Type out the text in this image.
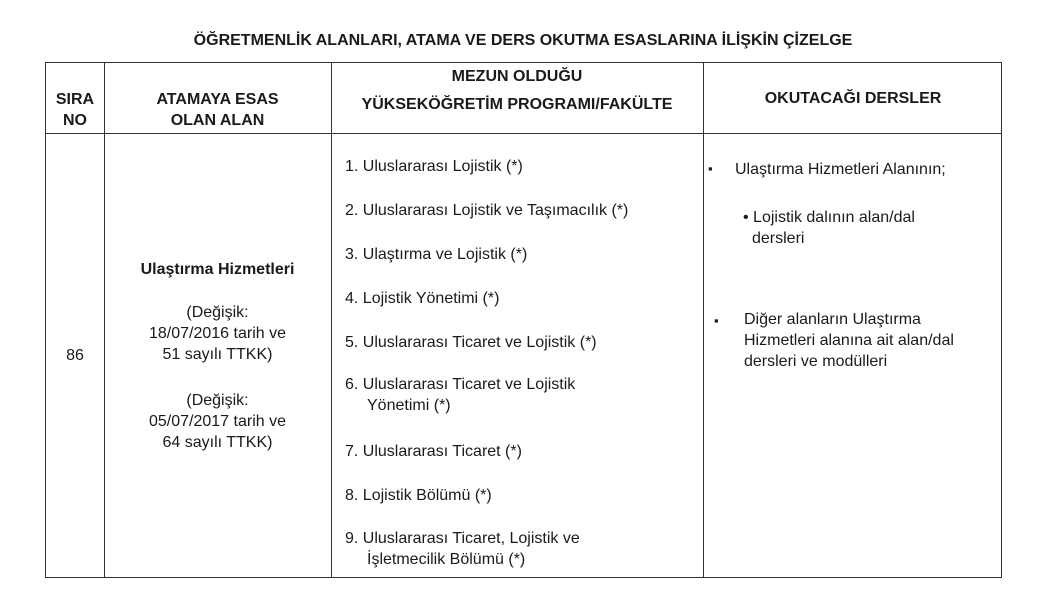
ÖĞRETMENLİK ALANLARI, ATAMA VE DERS OKUTMA ESASLARINA İLİŞKİN ÇİZELGE
SIRA
NO
ATAMAYA ESAS
OLAN ALAN
MEZUN OLDUĞU
YÜKSEKÖĞRETİM PROGRAMI/FAKÜLTE	OKUTACAĞI DERSLER
86
Ulaştırma Hizmetleri
(Değişik:
18/07/2016 tarih ve
51 sayılı TTKK)
(Değişik:
05/07/2017 tarih ve
64 sayılı TTKK)
1. Uluslararası Lojistik (*)
2. Uluslararası Lojistik ve Taşımacılık (*)
3. Ulaştırma ve Lojistik (*)
4. Lojistik Yönetimi (*)
5. Uluslararası Ticaret ve Lojistik (*)
6. Uluslararası Ticaret ve Lojistik
Yönetimi (*)
7. Uluslararası Ticaret (*)
8. Lojistik Bölümü (*)
9. Uluslararası Ticaret, Lojistik ve
İşletmecilik Bölümü (*)
▪ Ulaştırma Hizmetleri Alanının;
• Lojistik dalının alan/dal
dersleri
▪ Diğer alanların Ulaştırma
Hizmetleri alanına ait alan/dal
dersleri ve modülleri
